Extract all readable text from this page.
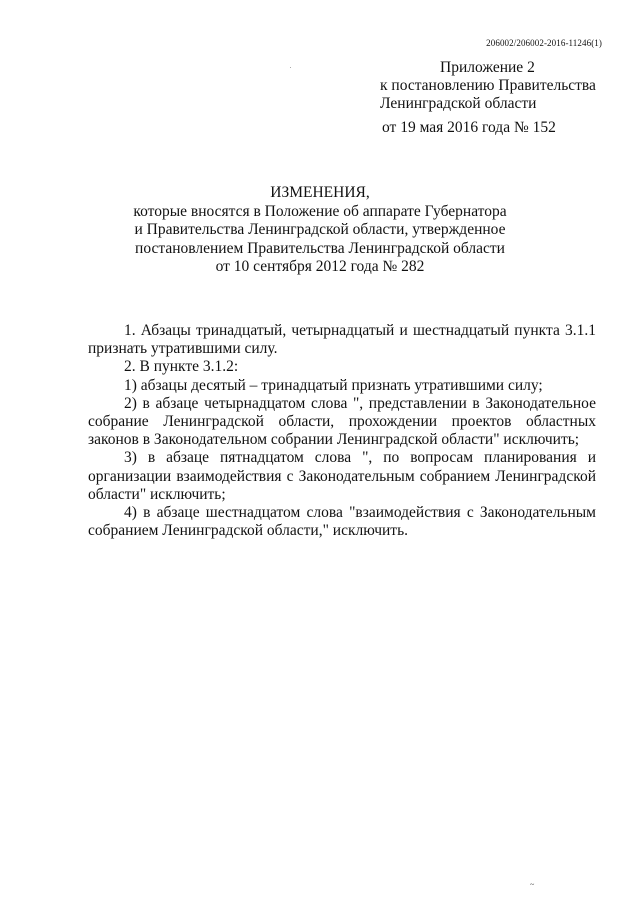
206002/206002-2016-11246(1)
Приложение 2
к постановлению Правительства
Ленинградской области
от 19 мая 2016 года № 152
ИЗМЕНЕНИЯ,
которые вносятся в Положение об аппарате Губернатора
и Правительства Ленинградской области, утвержденное
постановлением Правительства Ленинградской области
от 10 сентября 2012 года № 282

1. Абзацы тринадцатый, четырнадцатый и шестнадцатый пункта 3.1.1 признать утратившими силу.

2. В пункте 3.1.2:

1) абзацы десятый – тринадцатый признать утратившими силу;

2) в абзаце четырнадцатом слова ", представлении в Законодательное собрание Ленинградской области, прохождении проектов областных законов в Законодательном собрании Ленинградской области" исключить;

3) в абзаце пятнадцатом слова ", по вопросам планирования и организации взаимодействия с Законодательным собранием Ленинградской области" исключить;

4) в абзаце шестнадцатом слова "взаимодействия с Законодательным собранием Ленинградской области," исключить.

~
